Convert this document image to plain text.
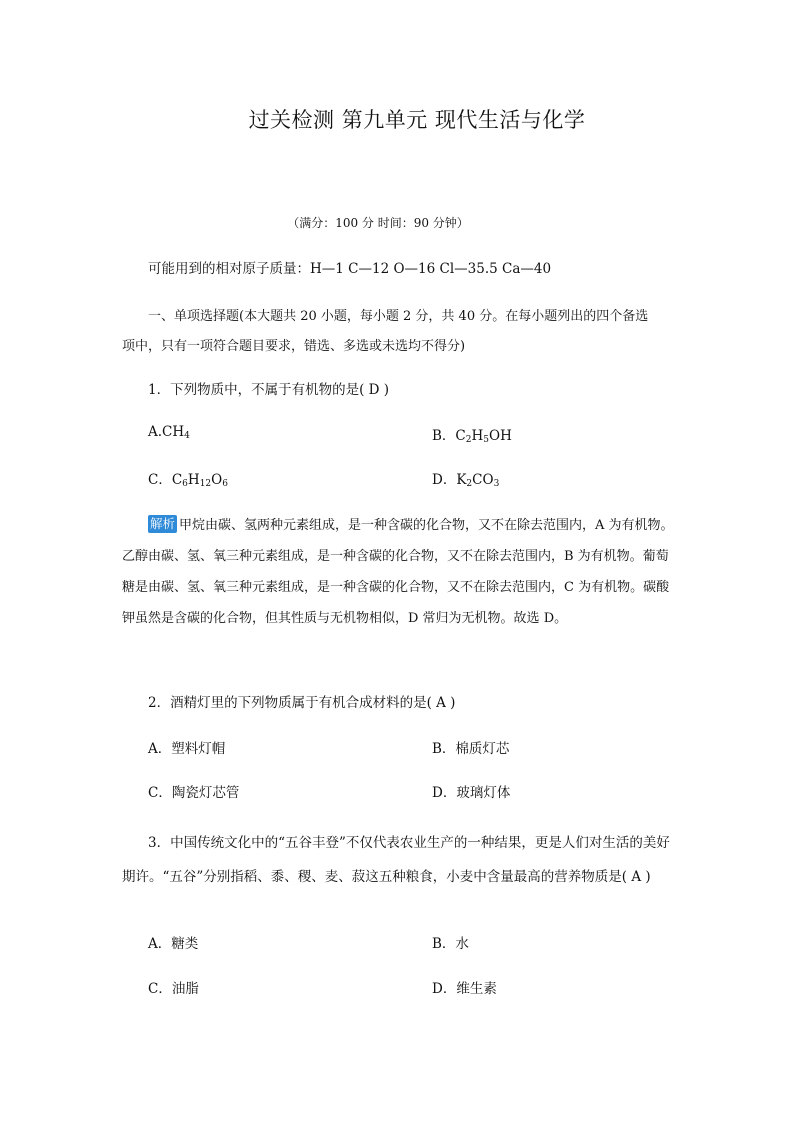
过关检测 第九单元 现代生活与化学
（满分：100 分 时间：90 分钟）
可能用到的相对原子质量：H—1 C—12 O—16 Cl—35.5 Ca—40
一、单项选择题(本大题共 20 小题，每小题 2 分，共 40 分。在每小题列出的四个备选
项中，只有一项符合题目要求，错选、多选或未选均不得分)
1．下列物质中，不属于有机物的是( D )
$A.CH_4$	B．$C_2H_5OH$
C．$C_6H_{12}O_6$	D．$K_2CO_3$
解析 甲烷由碳、氢两种元素组成，是一种含碳的化合物，又不在除去范围内，A 为有机物。乙醇由碳、氢、氧三种元素组成，是一种含碳的化合物，又不在除去范围内，B 为有机物。葡萄糖是由碳、氢、氧三种元素组成，是一种含碳的化合物，又不在除去范围内，C 为有机物。碳酸钾虽然是含碳的化合物，但其性质与无机物相似，D 常归为无机物。故选 D。
2．酒精灯里的下列物质属于有机合成材料的是( A )
A．塑料灯帽	B．棉质灯芯
C．陶瓷灯芯管	D．玻璃灯体
3．中国传统文化中的“五谷丰登”不仅代表农业生产的一种结果，更是人们对生活的美好期许。“五谷”分别指稻、黍、稷、麦、菽这五种粮食，小麦中含量最高的营养物质是( A )
A．糖类	B．水
C．油脂	D．维生素
